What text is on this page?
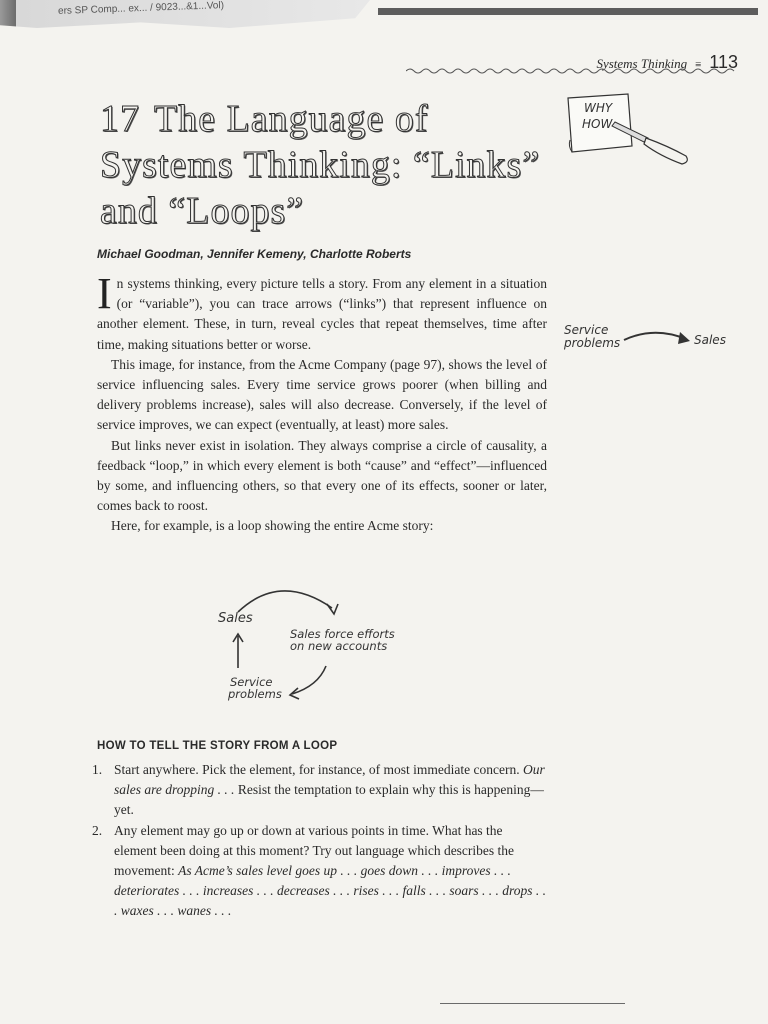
ers SP Comp... ex... / 9023...&1...Vol)
Systems Thinking ≡ 113
17 The Language of Systems Thinking: “Links” and “Loops”
WHY
HOW
Michael Goodman, Jennifer Kemeny, Charlotte Roberts

In systems thinking, every picture tells a story. From any element in a situation (or “variable”), you can trace arrows (“links”) that represent influence on another element. These, in turn, reveal cycles that repeat themselves, time after time, making situations better or worse.

This image, for instance, from the Acme Company (page 97), shows the level of service influencing sales. Every time service grows poorer (when billing and delivery problems increase), sales will also decrease. Conversely, if the level of service improves, we can expect (eventually, at least) more sales.

But links never exist in isolation. They always comprise a circle of causality, a feedback “loop,” in which every element is both “cause” and “effect”—influenced by some, and influencing others, so that every one of its effects, sooner or later, comes back to roost.

Here, for example, is a loop showing the entire Acme story:

Service
problems	Sales
Sales
Sales force efforts
on new accounts
Service
problems
HOW TO TELL THE STORY FROM A LOOP
1. Start anywhere. Pick the element, for instance, of most immediate concern. Our sales are dropping . . . Resist the temptation to explain why this is happening—yet.
2. Any element may go up or down at various points in time. What has the element been doing at this moment? Try out language which describes the movement: As Acme’s sales level goes up . . . goes down . . . improves . . . deteriorates . . . increases . . . decreases . . . rises . . . falls . . . soars . . . drops . . . waxes . . . wanes . . .
